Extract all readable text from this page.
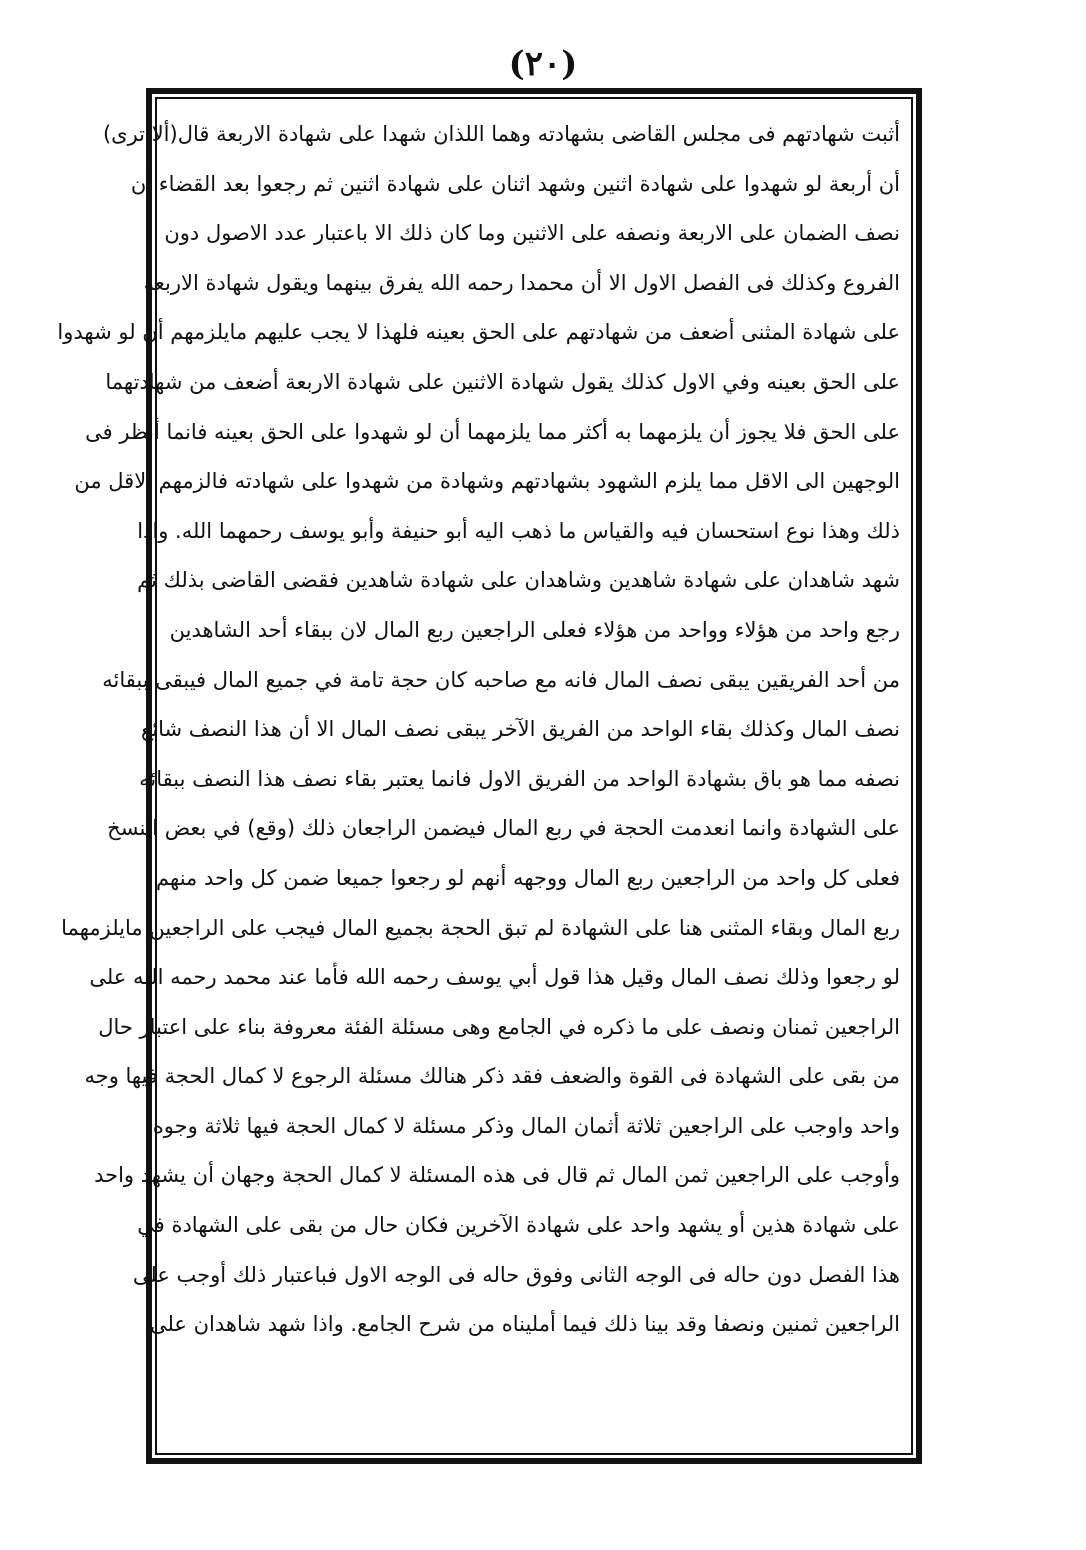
(٢٠)
أثبت شهادتهم فى مجلس القاضى بشهادته وهما اللذان شهدا على شهادة الاربعة قال(ألا ترى)
أن أربعة لو شهدوا على شهادة اثنين وشهد اثنان على شهادة اثنين ثم رجعوا بعد القضاء أن
نصف الضمان على الاربعة ونصفه على الاثنين وما كان ذلك الا باعتبار عدد الاصول دون
الفروع وكذلك فى الفصل الاول الا أن محمدا رحمه الله يفرق بينهما ويقول شهادة الاربعة
على شهادة المثنى أضعف من شهادتهم على الحق بعينه فلهذا لا يجب عليهم مايلزمهم أن لو شهدوا
على الحق بعينه وفي الاول كذلك يقول شهادة الاثنين على شهادة الاربعة أضعف من شهادتهما
على الحق فلا يجوز أن يلزمهما به أكثر مما يلزمهما أن لو شهدوا على الحق بعينه فانما أنظر فى
الوجهين الى الاقل مما يلزم الشهود بشهادتهم وشهادة من شهدوا على شهادته فالزمهم الاقل من
ذلك وهذا نوع استحسان فيه والقياس ما ذهب اليه أبو حنيفة وأبو يوسف رحمهما الله. واذا
شهد شاهدان على شهادة شاهدين وشاهدان على شهادة شاهدين فقضى القاضى بذلك ثم
رجع واحد من هؤلاء وواحد من هؤلاء فعلى الراجعين ربع المال لان ببقاء أحد الشاهدين
من أحد الفريقين يبقى نصف المال فانه مع صاحبه كان حجة تامة في جميع المال فيبقى ببقائه
نصف المال وكذلك بقاء الواحد من الفريق الآخر يبقى نصف المال الا أن هذا النصف شائع
نصفه مما هو باق بشهادة الواحد من الفريق الاول فانما يعتبر بقاء نصف هذا النصف ببقائه
على الشهادة وانما انعدمت الحجة في ربع المال فيضمن الراجعان ذلك (وقع) في بعض النسخ
فعلى كل واحد من الراجعين ربع المال ووجهه أنهم لو رجعوا جميعا ضمن كل واحد منهم
ربع المال وبقاء المثنى هنا على الشهادة لم تبق الحجة بجميع المال فيجب على الراجعين مايلزمهما
لو رجعوا وذلك نصف المال وقيل هذا قول أبي يوسف رحمه الله فأما عند محمد رحمه الله على
الراجعين ثمنان ونصف على ما ذكره في الجامع وهى مسئلة الفئة معروفة بناء على اعتبار حال
من بقى على الشهادة فى القوة والضعف فقد ذكر هنالك مسئلة الرجوع لا كمال الحجة فيها وجه
واحد واوجب على الراجعين ثلاثة أثمان المال وذكر مسئلة لا كمال الحجة فيها ثلاثة وجوه
وأوجب على الراجعين ثمن المال ثم قال فى هذه المسئلة لا كمال الحجة وجهان أن يشهد واحد
على شهادة هذين أو يشهد واحد على شهادة الآخرين فكان حال من بقى على الشهادة في
هذا الفصل دون حاله فى الوجه الثانى وفوق حاله فى الوجه الاول فباعتبار ذلك أوجب على
الراجعين ثمنين ونصفا وقد بينا ذلك فيما أمليناه من شرح الجامع. واذا شهد شاهدان على
